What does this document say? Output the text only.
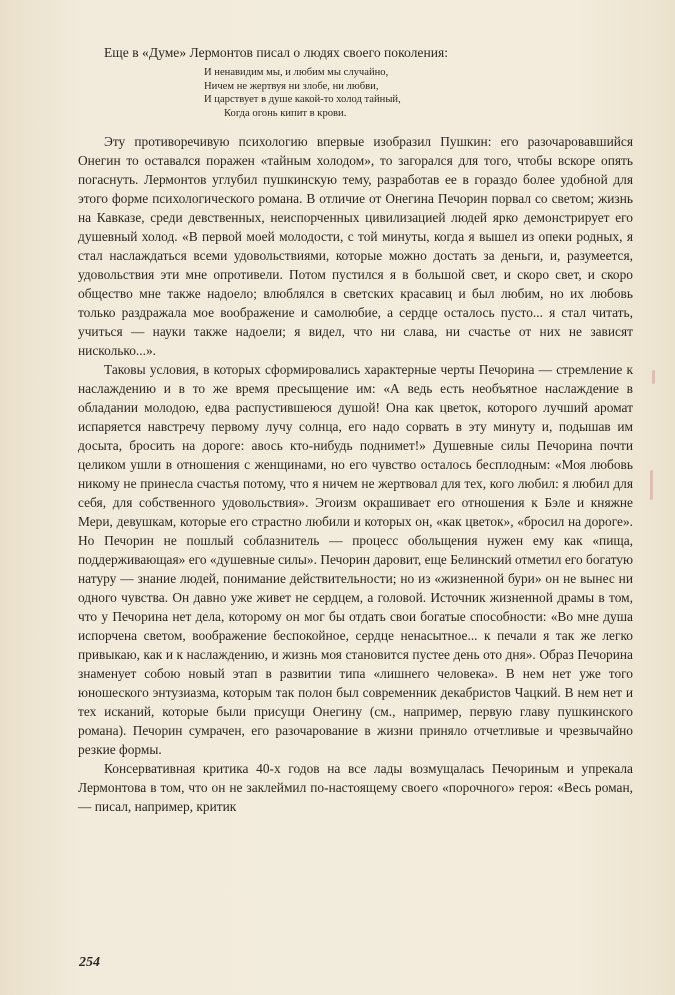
Еще в «Думе» Лермонтов писал о людях своего поколения:

И ненавидим мы, и любим мы случайно,
Ничем не жертвуя ни злобе, ни любви,
И царствует в душе какой-то холод тайный,
Когда огонь кипит в крови.

Эту противоречивую психологию впервые изобразил Пушкин: его разочаровавшийся Онегин то оставался поражен «тайным холодом», то загорался для того, чтобы вскоре опять погаснуть. Лермонтов углубил пушкинскую тему, разработав ее в гораздо более удобной для этого форме психологического романа. В отличие от Онегина Печорин порвал со светом; жизнь на Кавказе, среди девственных, неиспорченных цивилизацией людей ярко демонстрирует его душевный холод. «В первой моей молодости, с той минуты, когда я вышел из опеки родных, я стал наслаждаться всеми удовольствиями, которые можно достать за деньги, и, разумеется, удовольствия эти мне опротивели. Потом пустился я в большой свет, и скоро свет, и скоро общество мне также надоело; влюблялся в светских красавиц и был любим, но их любовь только раздражала мое воображение и самолюбие, а сердце осталось пусто... я стал читать, учиться — науки также надоели; я видел, что ни слава, ни счастье от них не зависят нисколько...».

Таковы условия, в которых сформировались характерные черты Печорина — стремление к наслаждению и в то же время пресыщение им: «А ведь есть необъятное наслаждение в обладании молодою, едва распустившеюся душой! Она как цветок, которого лучший аромат испаряется навстречу первому лучу солнца, его надо сорвать в эту минуту и, подышав им досыта, бросить на дороге: авось кто-нибудь поднимет!» Душевные силы Печорина почти целиком ушли в отношения с женщинами, но его чувство осталось бесплодным: «Моя любовь никому не принесла счастья потому, что я ничем не жертвовал для тех, кого любил: я любил для себя, для собственного удовольствия». Эгоизм окрашивает его отношения к Бэле и княжне Мери, девушкам, которые его страстно любили и которых он, «как цветок», «бросил на дороге». Но Печорин не пошлый соблазнитель — процесс обольщения нужен ему как «пища, поддерживающая» его «душевные силы». Печорин даровит, еще Белинский отметил его богатую натуру — знание людей, понимание действительности; но из «жизненной бури» он не вынес ни одного чувства. Он давно уже живет не сердцем, а головой. Источник жизненной драмы в том, что у Печорина нет дела, которому он мог бы отдать свои богатые способности: «Во мне душа испорчена светом, воображение беспокойное, сердце ненасытное... к печали я так же легко привыкаю, как и к наслаждению, и жизнь моя становится пустее день ото дня». Образ Печорина знаменует собою новый этап в развитии типа «лишнего человека». В нем нет уже того юношеского энтузиазма, которым так полон был современник декабристов Чацкий. В нем нет и тех исканий, которые были присущи Онегину (см., например, первую главу пушкинского романа). Печорин сумрачен, его разочарование в жизни приняло отчетливые и чрезвычайно резкие формы.

Консервативная критика 40-х годов на все лады возмущалась Печориным и упрекала Лермонтова в том, что он не заклеймил по-настоящему своего «порочного» героя: «Весь роман, — писал, например, критик

254
